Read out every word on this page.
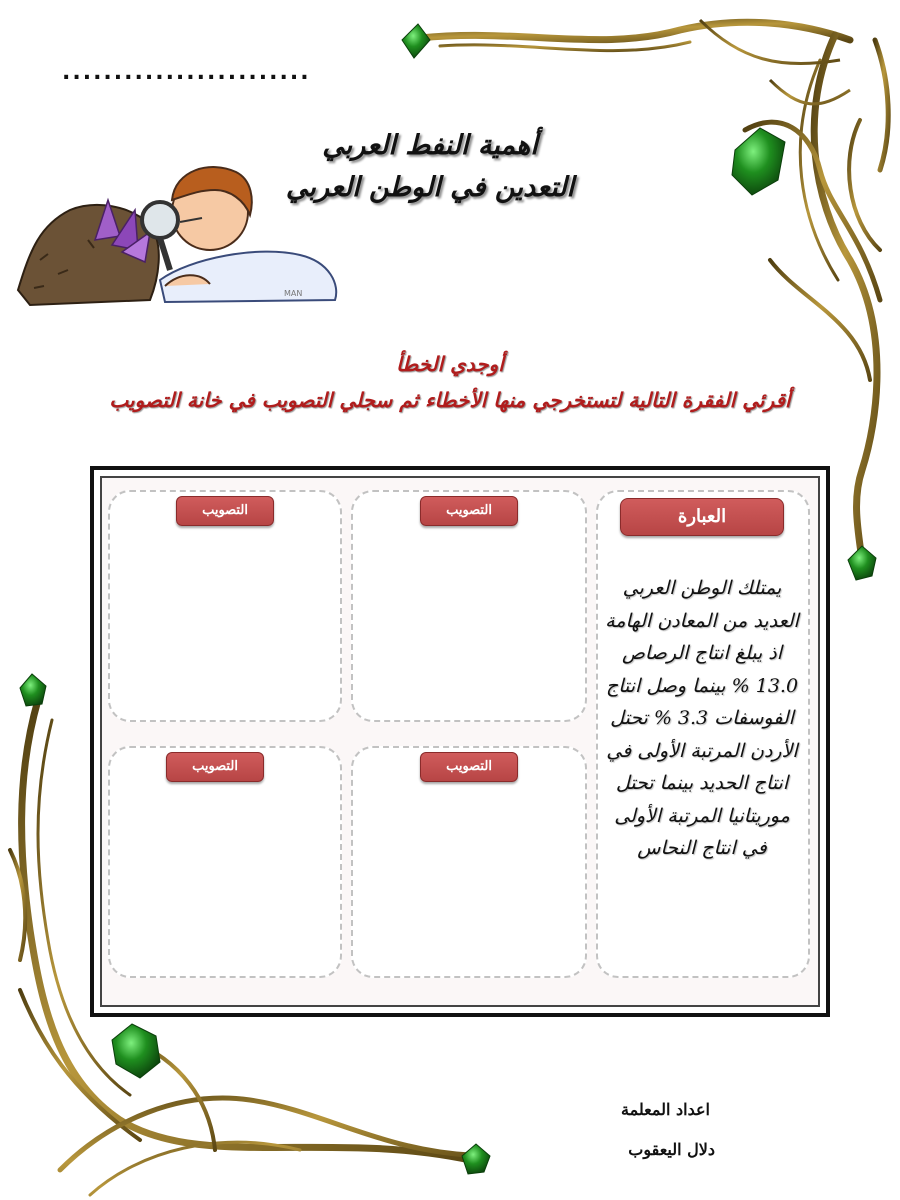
MAN
........................
أهمية النفط العربي
التعدين في الوطن العربي
أوجدي الخطأ
أقرئي الفقرة التالية لتستخرجي منها الأخطاء ثم سجلي التصويب في خانة التصويب
العبارة
التصويب
التصويب
التصويب
التصويب
يمتلك الوطن العربي العديد من المعادن الهامة اذ يبلغ انتاج الرصاص 13.0 % بينما وصل انتاج الفوسفات 3.3 % تحتل الأردن المرتبة الأولى في انتاج الحديد بينما تحتل موريتانيا المرتبة الأولى في انتاج النحاس
اعداد المعلمة
دلال اليعقوب
